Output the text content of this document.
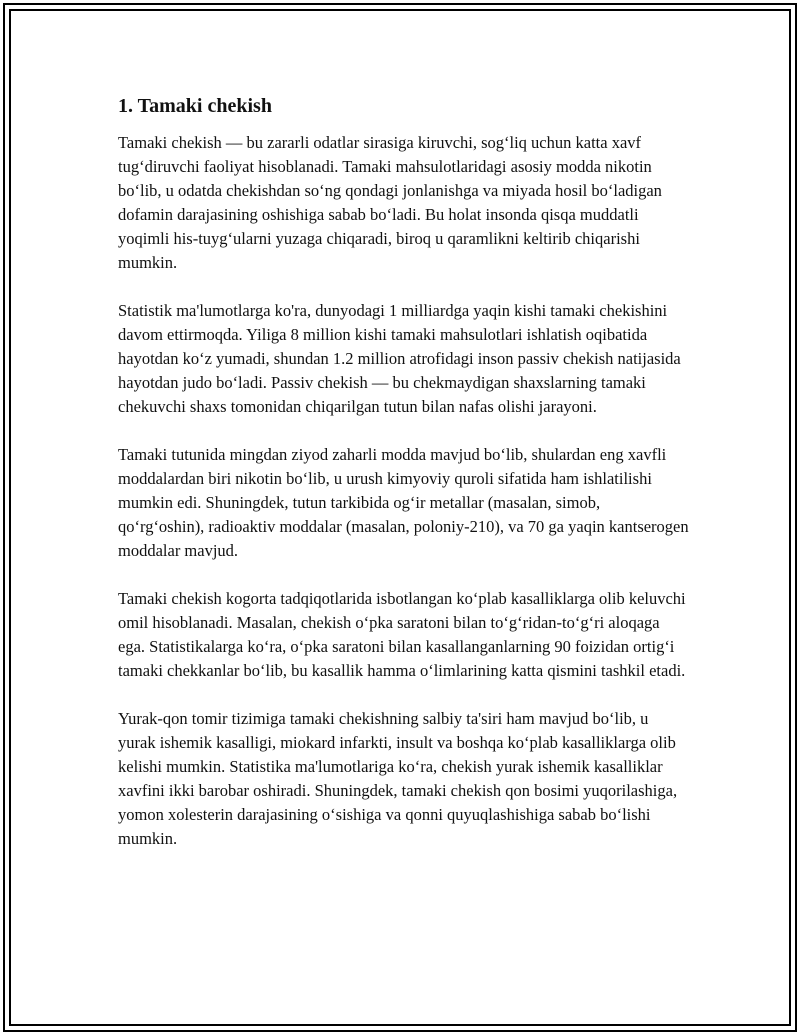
1. Tamaki chekish

Tamaki chekish — bu zararli odatlar sirasiga kiruvchi, sog‘liq uchun katta xavf tug‘diruvchi faoliyat hisoblanadi. Tamaki mahsulotlaridagi asosiy modda nikotin bo‘lib, u odatda chekishdan so‘ng qondagi jonlanishga va miyada hosil bo‘ladigan dofamin darajasining oshishiga sabab bo‘ladi. Bu holat insonda qisqa muddatli yoqimli his-tuyg‘ularni yuzaga chiqaradi, biroq u qaramlikni keltirib chiqarishi mumkin.

Statistik ma'lumotlarga ko'ra, dunyodagi 1 milliardga yaqin kishi tamaki chekishini davom ettirmoqda. Yiliga 8 million kishi tamaki mahsulotlari ishlatish oqibatida hayotdan ko‘z yumadi, shundan 1.2 million atrofidagi inson passiv chekish natijasida hayotdan judo bo‘ladi. Passiv chekish — bu chekmaydigan shaxslarning tamaki chekuvchi shaxs tomonidan chiqarilgan tutun bilan nafas olishi jarayoni.

Tamaki tutunida mingdan ziyod zaharli modda mavjud bo‘lib, shulardan eng xavfli moddalardan biri nikotin bo‘lib, u urush kimyoviy quroli sifatida ham ishlatilishi mumkin edi. Shuningdek, tutun tarkibida og‘ir metallar (masalan, simob, qo‘rg‘oshin), radioaktiv moddalar (masalan, poloniy-210), va 70 ga yaqin kantserogen moddalar mavjud.

Tamaki chekish kogorta tadqiqotlarida isbotlangan ko‘plab kasalliklarga olib keluvchi omil hisoblanadi. Masalan, chekish o‘pka saratoni bilan to‘g‘ridan-to‘g‘ri aloqaga ega. Statistikalarga ko‘ra, o‘pka saratoni bilan kasallanganlarning 90 foizidan ortig‘i tamaki chekkanlar bo‘lib, bu kasallik hamma o‘limlarining katta qismini tashkil etadi.

Yurak-qon tomir tizimiga tamaki chekishning salbiy ta'siri ham mavjud bo‘lib, u yurak ishemik kasalligi, miokard infarkti, insult va boshqa ko‘plab kasalliklarga olib kelishi mumkin. Statistika ma'lumotlariga ko‘ra, chekish yurak ishemik kasalliklar xavfini ikki barobar oshiradi. Shuningdek, tamaki chekish qon bosimi yuqorilashiga, yomon xolesterin darajasining o‘sishiga va qonni quyuqlashishiga sabab bo‘lishi mumkin.
